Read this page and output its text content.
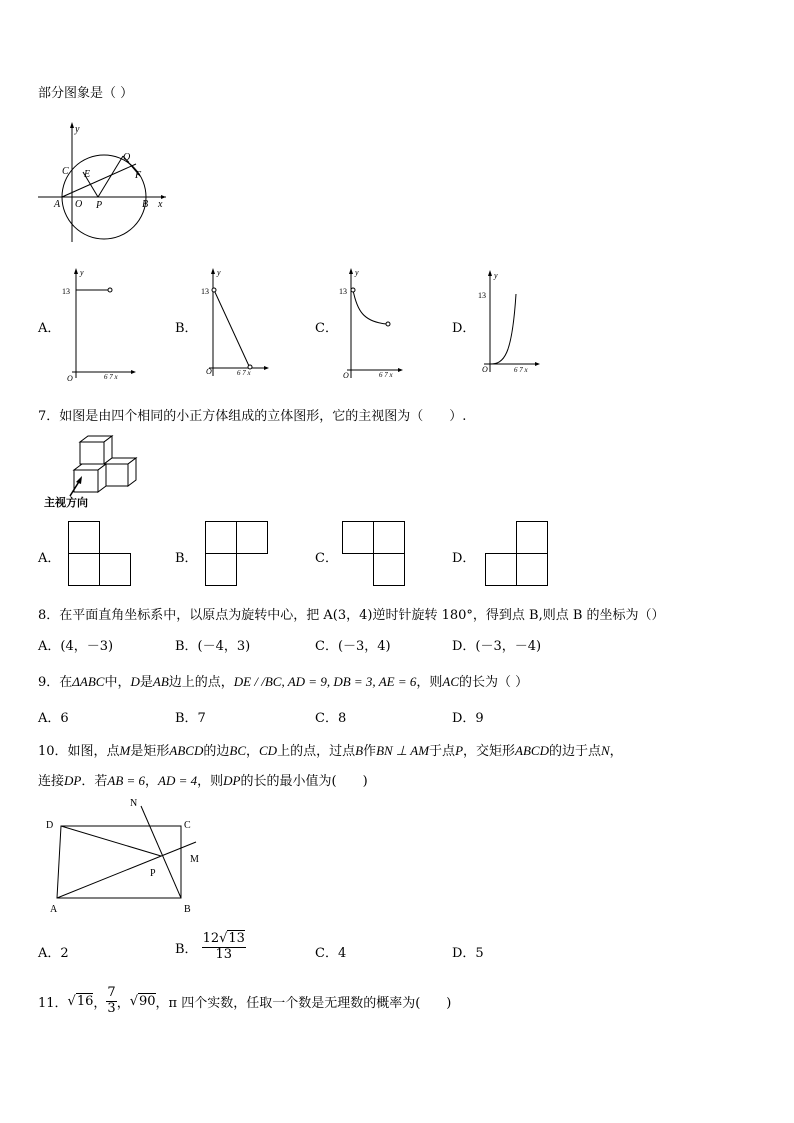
部分图象是（ ）
y
x
C
Q
E	F
A O P	B
A．
y
13
O	6 7 x
B．
y
13
O	6 7 x
C．
y
13
O	6 7 x
D．
y
13
O	6 7 x
7．如图是由四个相同的小正方体组成的立体图形，它的主视图为（　　）.
主视方向
A．	B．	C．	D．
8．在平面直角坐标系中，以原点为旋转中心，把 A(3，4)逆时针旋转 180°，得到点 B,则点 B 的坐标为（）
A．(4，－3)	B．(－4，3)	C．(－3，4)	D．(－3，－4)
9．在ΔABC中，D是AB边上的点，DE / /BC, AD = 9, DB = 3, AE = 6，则AC的长为（ ）
A．6	B．7	C．8	D．9
10．如图，点M是矩形ABCD的边BC，CD上的点，过点B作BN ⊥ AM于点P，交矩形ABCD的边于点N，
连接DP．若AB = 6，AD = 4，则DP的长的最小值为(　　)
N
D	C
M
P
A	B
A．2	B． $\frac{12√13}{13}$	C．4	D．5
11． √16 ， $\frac{7}{3}$ ， √90 ，π 四个实数，任取一个数是无理数的概率为(　　)
